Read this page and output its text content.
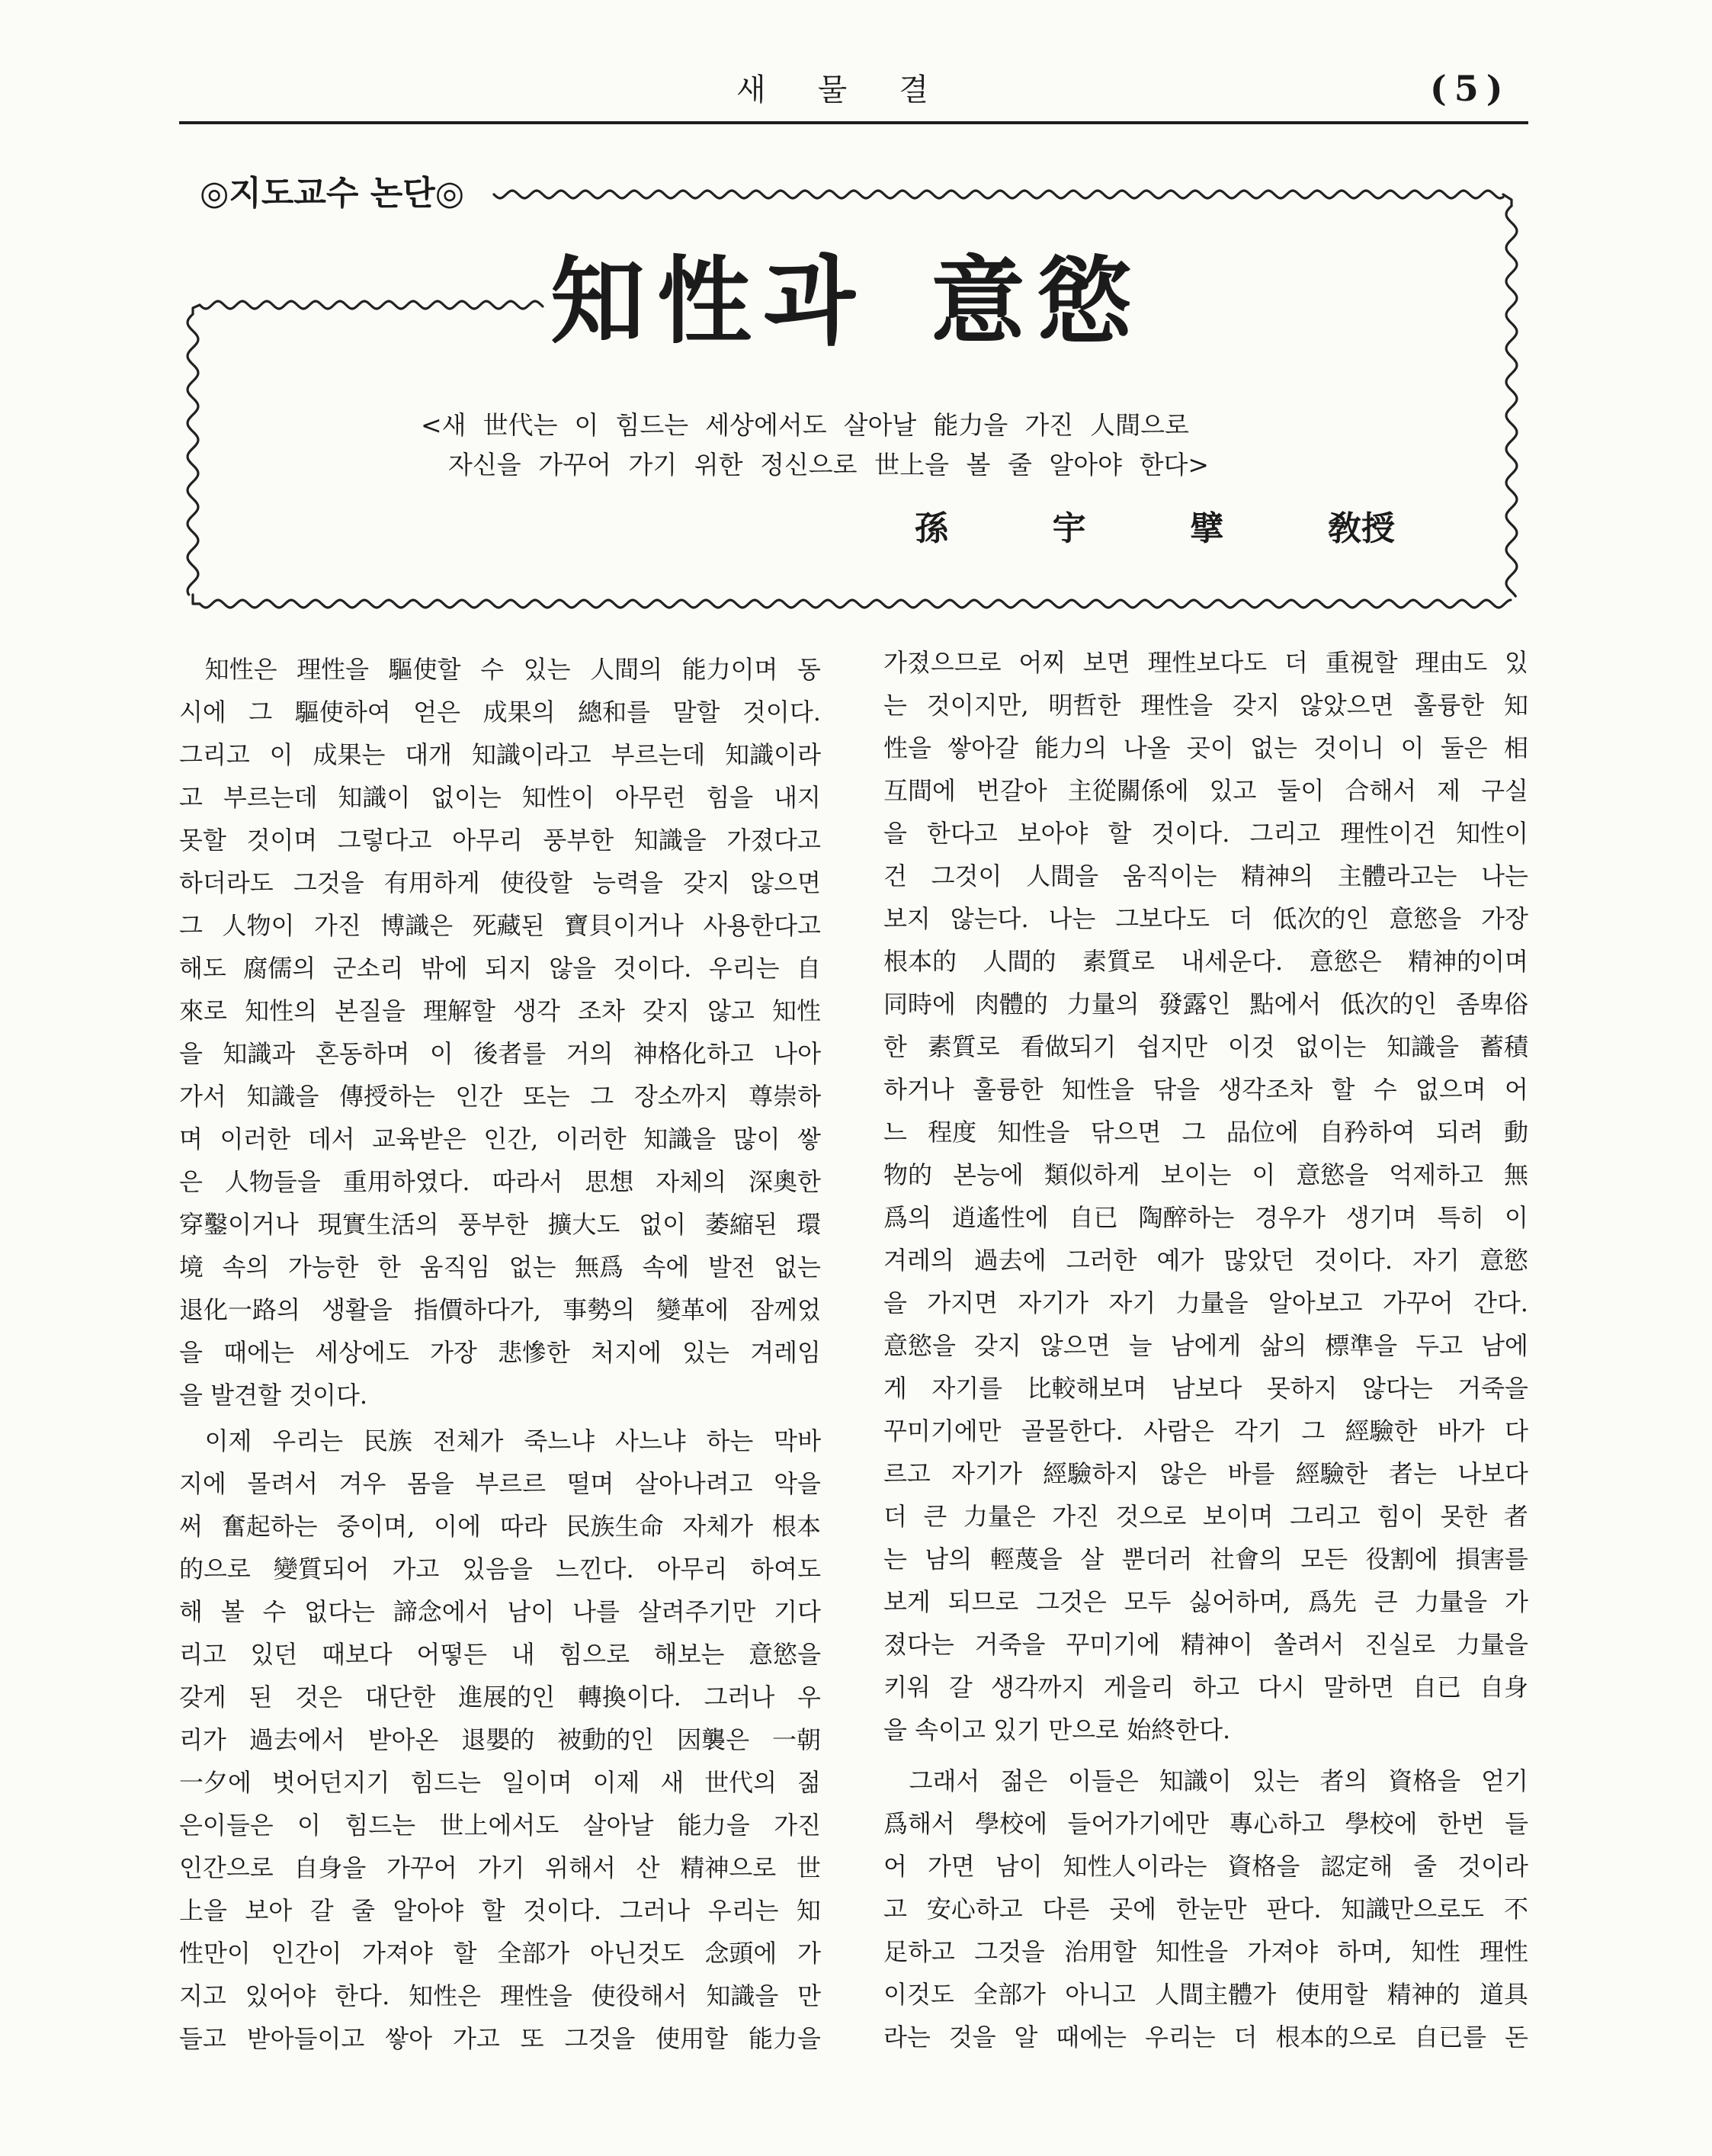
새 물 결	(5)
◎지도교수 논단◎
知性과 意慾
<새 世代는 이 힘드는 세상에서도 살아날 能力을 가진 人間으로
자신을 가꾸어 가기 위한 정신으로 世上을 볼 줄 알아야 한다>
孫	宇	擘	敎授
知性은 理性을 驅使할 수 있는 人間의 能力이며 동
시에 그 驅使하여 얻은 成果의 總和를 말할 것이다.
그리고 이 成果는 대개 知識이라고 부르는데 知識이라
고 부르는데 知識이 없이는 知性이 아무런 힘을 내지
못할 것이며 그렇다고 아무리 풍부한 知識을 가졌다고
하더라도 그것을 有用하게 使役할 능력을 갖지 않으면
그 人物이 가진 博識은 死藏된 寶貝이거나 사용한다고
해도 腐儒의 군소리 밖에 되지 않을 것이다. 우리는 自
來로 知性의 본질을 理解할 생각 조차 갖지 않고 知性
을 知識과 혼동하며 이 後者를 거의 神格化하고 나아
가서 知識을 傳授하는 인간 또는 그 장소까지 尊崇하
며 이러한 데서 교육받은 인간, 이러한 知識을 많이 쌓
은 人物들을 重用하였다. 따라서 思想 자체의 深奧한
穿鑿이거나 現實生活의 풍부한 擴大도 없이 萎縮된 環
境 속의 가능한 한 움직임 없는 無爲 속에 발전 없는
退化一路의 생활을 指價하다가, 事勢의 變革에 잠께었
을 때에는 세상에도 가장 悲慘한 처지에 있는 겨레임
을 발견할 것이다.
이제 우리는 民族 전체가 죽느냐 사느냐 하는 막바
지에 몰려서 겨우 몸을 부르르 떨며 살아나려고 악을
써 奮起하는 중이며, 이에 따라 民族生命 자체가 根本
的으로 變質되어 가고 있음을 느낀다. 아무리 하여도
해 볼 수 없다는 諦念에서 남이 나를 살려주기만 기다
리고 있던 때보다 어떻든 내 힘으로 해보는 意慾을
갖게 된 것은 대단한 進展的인 轉換이다. 그러나 우
리가 過去에서 받아온 退嬰的 被動的인 因襲은 一朝
一夕에 벗어던지기 힘드는 일이며 이제 새 世代의 젊
은이들은 이 힘드는 世上에서도 살아날 能力을 가진
인간으로 自身을 가꾸어 가기 위해서 산 精神으로 世
上을 보아 갈 줄 알아야 할 것이다. 그러나 우리는 知
性만이 인간이 가져야 할 全部가 아닌것도 念頭에 가
지고 있어야 한다. 知性은 理性을 使役해서 知識을 만
들고 받아들이고 쌓아 가고 또 그것을 使用할 能力을
가졌으므로 어찌 보면 理性보다도 더 重視할 理由도 있
는 것이지만, 明哲한 理性을 갖지 않았으면 훌륭한 知
性을 쌓아갈 能力의 나올 곳이 없는 것이니 이 둘은 相
互間에 번갈아 主從關係에 있고 둘이 合해서 제 구실
을 한다고 보아야 할 것이다. 그리고 理性이건 知性이
건 그것이 人間을 움직이는 精神의 主體라고는 나는
보지 않는다. 나는 그보다도 더 低次的인 意慾을 가장
根本的 人間的 素質로 내세운다. 意慾은 精神的이며
同時에 肉體的 力量의 發露인 點에서 低次的인 좀卑俗
한 素質로 看做되기 쉽지만 이것 없이는 知識을 蓄積
하거나 훌륭한 知性을 닦을 생각조차 할 수 없으며 어
느 程度 知性을 닦으면 그 品位에 自矜하여 되려 動
物的 본능에 類似하게 보이는 이 意慾을 억제하고 無
爲의 逍遙性에 自已 陶醉하는 경우가 생기며 특히 이
겨레의 過去에 그러한 예가 많았던 것이다. 자기 意慾
을 가지면 자기가 자기 力量을 알아보고 가꾸어 간다.
意慾을 갖지 않으면 늘 남에게 삶의 標準을 두고 남에
게 자기를 比較해보며 남보다 못하지 않다는 거죽을
꾸미기에만 골몰한다. 사람은 각기 그 經驗한 바가 다
르고 자기가 經驗하지 않은 바를 經驗한 者는 나보다
더 큰 力量은 가진 것으로 보이며 그리고 힘이 못한 者
는 남의 輕蔑을 살 뿐더러 社會의 모든 役割에 損害를
보게 되므로 그것은 모두 싫어하며, 爲先 큰 力量을 가
졌다는 거죽을 꾸미기에 精神이 쏠려서 진실로 力量을
키워 갈 생각까지 게을리 하고 다시 말하면 自已 自身
을 속이고 있기 만으로 始終한다.
그래서 젊은 이들은 知識이 있는 者의 資格을 얻기
爲해서 學校에 들어가기에만 專心하고 學校에 한번 들
어 가면 남이 知性人이라는 資格을 認定해 줄 것이라
고 安心하고 다른 곳에 한눈만 판다. 知識만으로도 不
足하고 그것을 治用할 知性을 가져야 하며, 知性 理性
이것도 全部가 아니고 人間主體가 使用할 精神的 道具
라는 것을 알 때에는 우리는 더 根本的으로 自已를 돈
